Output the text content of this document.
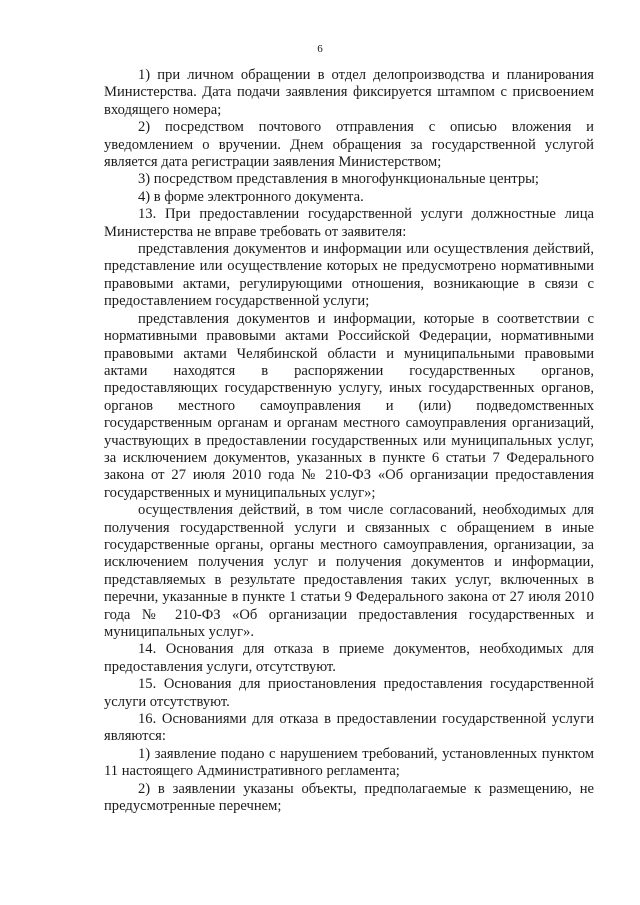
6

1) при личном обращении в отдел делопроизводства и планирования Министерства. Дата подачи заявления фиксируется штампом с присвоением входящего номера;

2) посредством почтового отправления с описью вложения и уведомлением о вручении. Днем обращения за государственной услугой является дата регистрации заявления Министерством;

3) посредством представления в многофункциональные центры;

4) в форме электронного документа.

13. При предоставлении государственной услуги должностные лица Министерства не вправе требовать от заявителя:

представления документов и информации или осуществления действий, представление или осуществление которых не предусмотрено нормативными правовыми актами, регулирующими отношения, возникающие в связи с предоставлением государственной услуги;

представления документов и информации, которые в соответствии с нормативными правовыми актами Российской Федерации, нормативными правовыми актами Челябинской области и муниципальными правовыми актами находятся в распоряжении государственных органов, предоставляющих государственную услугу, иных государственных органов, органов местного самоуправления и (или) подведомственных государственным органам и органам местного самоуправления организаций, участвующих в предоставлении государственных или муниципальных услуг, за исключением документов, указанных в пункте 6 статьи 7 Федерального закона от 27 июля 2010 года № 210-ФЗ «Об организации предоставления государственных и муниципальных услуг»;

осуществления действий, в том числе согласований, необходимых для получения государственной услуги и связанных с обращением в иные государственные органы, органы местного самоуправления, организации, за исключением получения услуг и получения документов и информации, представляемых в результате предоставления таких услуг, включенных в перечни, указанные в пункте 1 статьи 9 Федерального закона от 27 июля 2010 года № 210-ФЗ «Об организации предоставления государственных и муниципальных услуг».

14. Основания для отказа в приеме документов, необходимых для предоставления услуги, отсутствуют.

15. Основания для приостановления предоставления государственной услуги отсутствуют.

16. Основаниями для отказа в предоставлении государственной услуги являются:

1) заявление подано с нарушением требований, установленных пунктом 11 настоящего Административного регламента;

2) в заявлении указаны объекты, предполагаемые к размещению, не предусмотренные перечнем;
